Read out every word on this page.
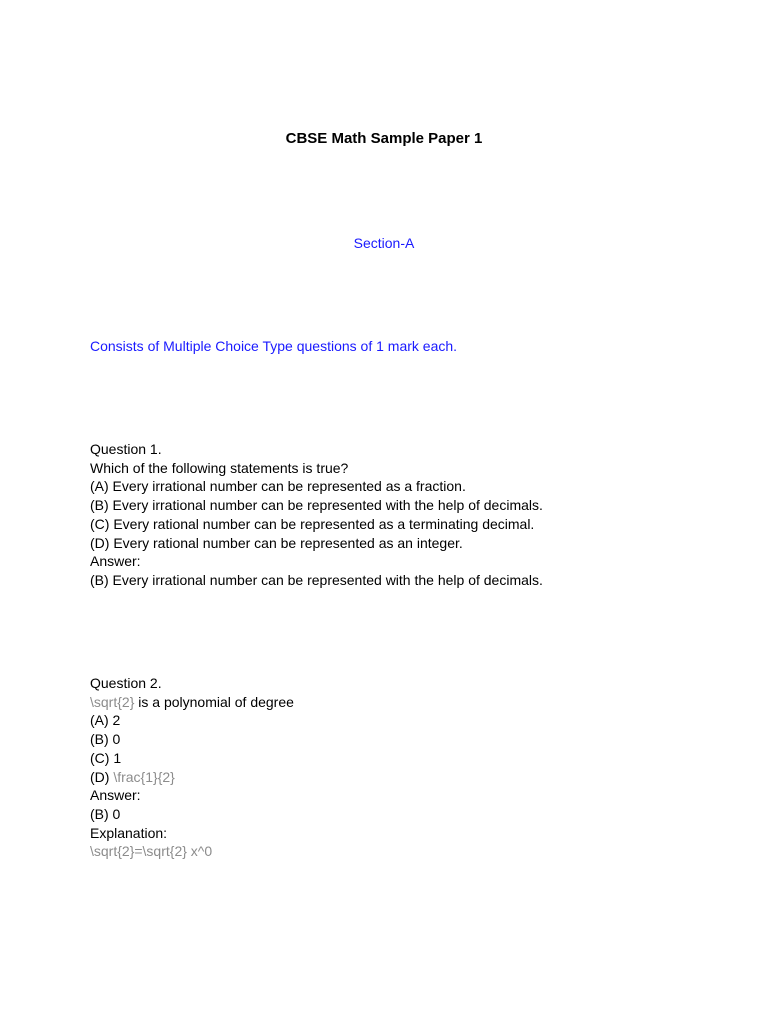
CBSE Math Sample Paper 1
Section-A
Consists of Multiple Choice Type questions of 1 mark each.
Question 1.
Which of the following statements is true?
(A) Every irrational number can be represented as a fraction.
(B) Every irrational number can be represented with the help of decimals.
(C) Every rational number can be represented as a terminating decimal.
(D) Every rational number can be represented as an integer.
Answer:
(B) Every irrational number can be represented with the help of decimals.
Question 2.
\sqrt{2} is a polynomial of degree
(A) 2
(B) 0
(C) 1
(D) \frac{1}{2}
Answer:
(B) 0
Explanation:
\sqrt{2}=\sqrt{2} x^0
